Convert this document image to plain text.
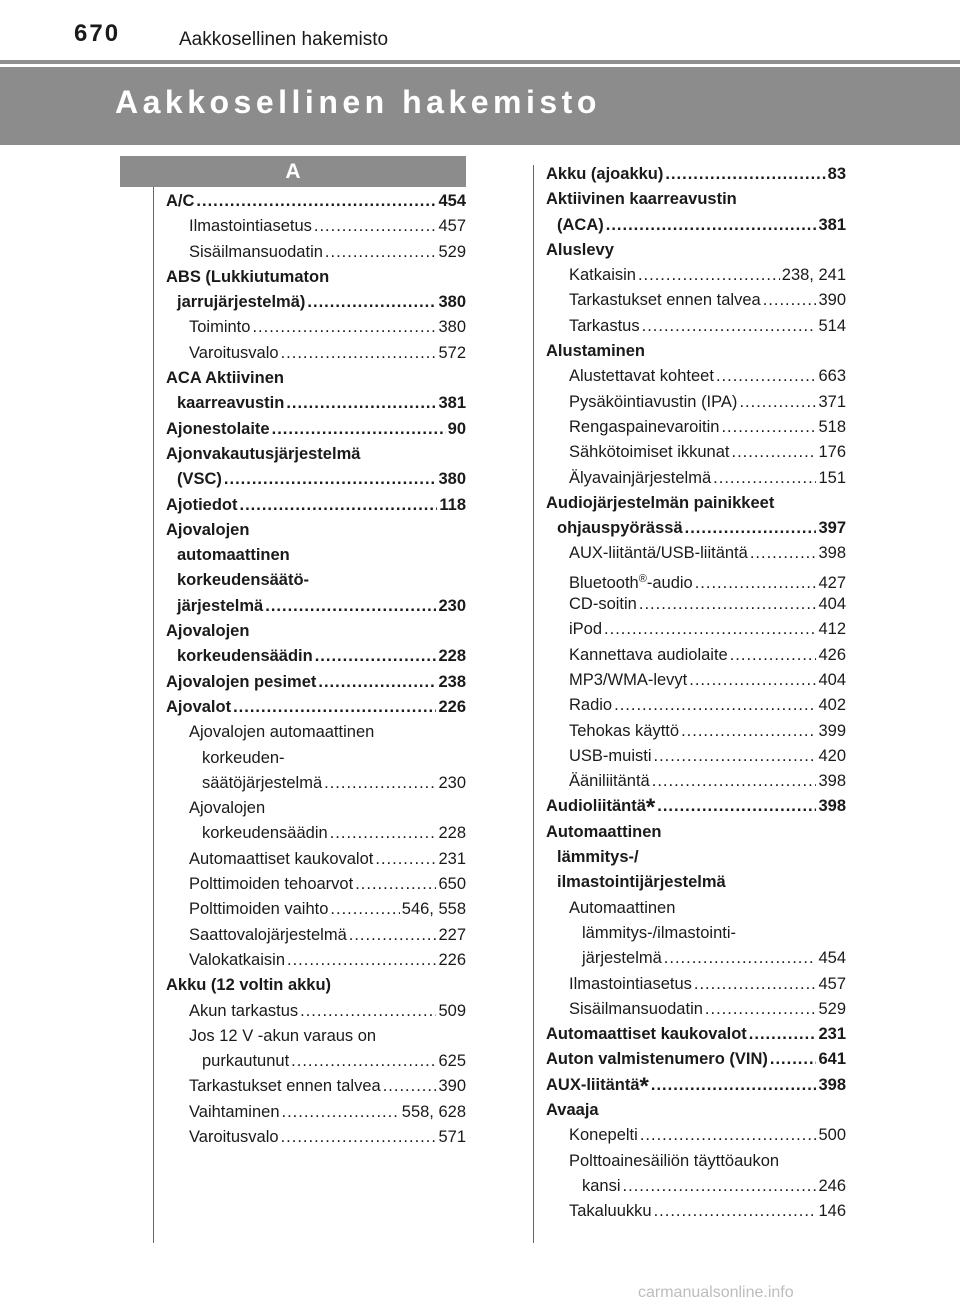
670	Aakkosellinen hakemisto
Aakkosellinen hakemisto
A
A/C .....	454
Ilmastointiasetus .....	457
Sisäilmansuodatin .....	529
ABS (Lukkiutumaton
jarrujärjestelmä) .....	380
Toiminto .....	380
Varoitusvalo .....	572
ACA Aktiivinen
kaarreavustin .....	381
Ajonestolaite .....	90
Ajonvakautusjärjestelmä
(VSC) .....	380
Ajotiedot .....	118
Ajovalojen
automaattinen
korkeudensäätö-
järjestelmä .....	230
Ajovalojen
korkeudensäädin .....	228
Ajovalojen pesimet .....	238
Ajovalot .....	226
Ajovalojen automaattinen
korkeuden-
säätöjärjestelmä .....	230
Ajovalojen
korkeudensäädin .....	228
Automaattiset kaukovalot .....	231
Polttimoiden tehoarvot .....	650
Polttimoiden vaihto .....	546, 558
Saattovalojärjestelmä .....	227
Valokatkaisin .....	226
Akku (12 voltin akku)
Akun tarkastus .....	509
Jos 12 V -akun varaus on
purkautunut .....	625
Tarkastukset ennen talvea .....	390
Vaihtaminen .....	558, 628
Varoitusvalo .....	571
Akku (ajoakku) .....	83
Aktiivinen kaarreavustin
(ACA) .....	381
Aluslevy
Katkaisin .....	238, 241
Tarkastukset ennen talvea .....	390
Tarkastus .....	514
Alustaminen
Alustettavat kohteet .....	663
Pysäköintiavustin (IPA) .....	371
Rengaspainevaroitin .....	518
Sähkötoimiset ikkunat .....	176
Älyavainjärjestelmä .....	151
Audiojärjestelmän painikkeet
ohjauspyörässä .....	397
AUX-liitäntä/USB-liitäntä .....	398
Bluetooth®-audio .....	427
CD-soitin .....	404
iPod .....	412
Kannettava audiolaite .....	426
MP3/WMA-levyt .....	404
Radio .....	402
Tehokas käyttö .....	399
USB-muisti .....	420
Ääniliitäntä .....	398
Audioliitäntä* .....	398
Automaattinen
lämmitys-/
ilmastointijärjestelmä
Automaattinen
lämmitys-/ilmastointi-
järjestelmä .....	454
Ilmastointiasetus .....	457
Sisäilmansuodatin .....	529
Automaattiset kaukovalot .....	231
Auton valmistenumero (VIN) .....	641
AUX-liitäntä* .....	398
Avaaja
Konepelti .....	500
Polttoainesäiliön täyttöaukon
kansi .....	246
Takaluukku .....	146
carmanualsonline.info
